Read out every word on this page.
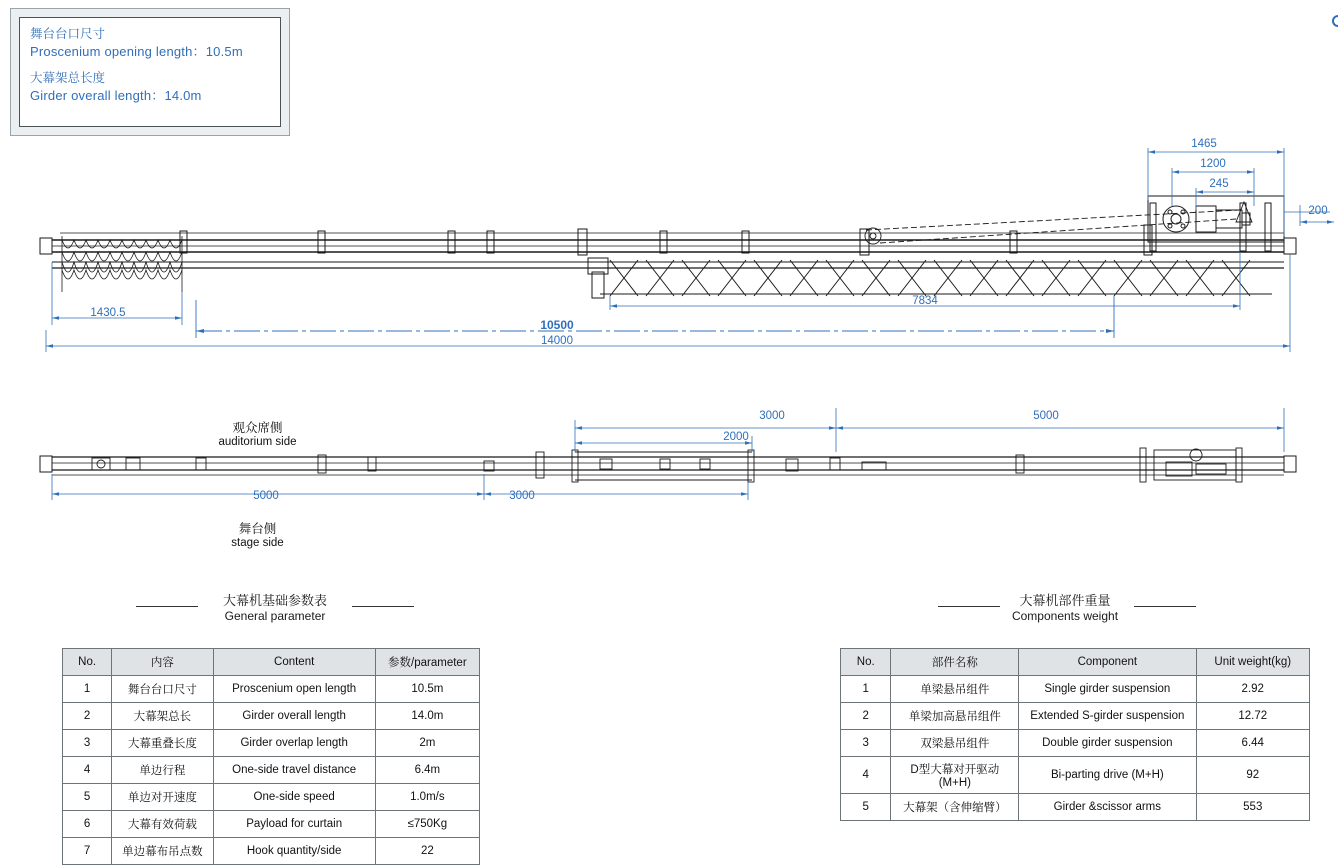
舞台台口尺寸
Proscenium opening length：10.5m
大幕架总长度
Girder overall length：14.0m
1465
1200
245
200
1430.5
7834
10500
14000
3000
2000
5000
5000	3000
观众席侧
auditorium side
舞台侧
stage side
大幕机基础参数表
General parameter
大幕机部件重量
Components weight
No.	内容	Content	参数/parameter
1	舞台台口尺寸	Proscenium open length	10.5m
2	大幕架总长	Girder overall length	14.0m
3	大幕重叠长度	Girder overlap length	2m
4	单边行程	One-side travel distance	6.4m
5	单边对开速度	One-side speed	1.0m/s
6	大幕有效荷载	Payload for curtain	≤750Kg
7	单边幕布吊点数	Hook quantity/side	22
No.	部件名称	Component	Unit weight(kg)
1	单梁悬吊组件	Single girder suspension	2.92
2	单梁加高悬吊组件	Extended S-girder suspension	12.72
3	双梁悬吊组件	Double girder suspension	6.44
4	D型大幕对开驱动(M+H)	Bi-parting drive (M+H)	92
5	大幕架（含伸缩臂）	Girder &scissor arms	553
